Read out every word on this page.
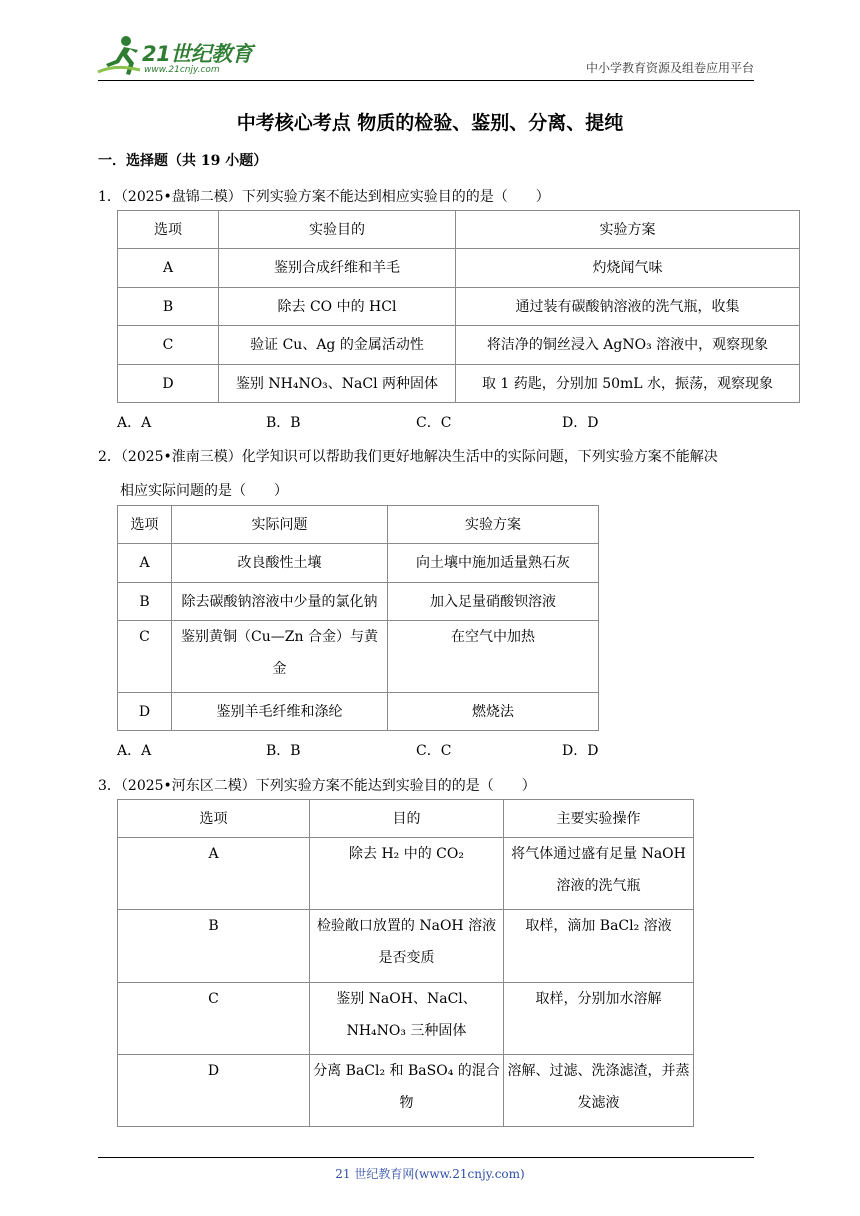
21世纪教育
www.21cnjy.com	中小学教育资源及组卷应用平台
中考核心考点 物质的检验、鉴别、分离、提纯
一．选择题（共 19 小题）
1．（2025•盘锦二模）下列实验方案不能达到相应实验目的的是（　　）
选项	实验目的	实验方案
A	鉴别合成纤维和羊毛	灼烧闻气味
B	除去 CO 中的 HCl	通过装有碳酸钠溶液的洗气瓶，收集
C	验证 Cu、Ag 的金属活动性	将洁净的铜丝浸入 AgNO₃ 溶液中，观察现象
D	鉴别 NH₄NO₃、NaCl 两种固体	取 1 药匙，分别加 50mL 水，振荡，观察现象
A．A	B．B	C．C	D．D
2．（2025•淮南三模）化学知识可以帮助我们更好地解决生活中的实际问题，下列实验方案不能解决
相应实际问题的是（　　）
选项	实际问题	实验方案
A	改良酸性土壤	向土壤中施加适量熟石灰
B	除去碳酸钠溶液中少量的氯化钠	加入足量硝酸钡溶液
C	鉴别黄铜（Cu—Zn 合金）与黄金	在空气中加热
D	鉴别羊毛纤维和涤纶	燃烧法
A．A	B．B	C．C	D．D
3．（2025•河东区二模）下列实验方案不能达到实验目的的是（　　）
选项	目的	主要实验操作
A	除去 H₂ 中的 CO₂	将气体通过盛有足量 NaOH 溶液的洗气瓶
B	检验敞口放置的 NaOH 溶液是否变质	取样，滴加 BaCl₂ 溶液
C	鉴别 NaOH、NaCl、NH₄NO₃ 三种固体	取样，分别加水溶解
D	分离 BaCl₂ 和 BaSO₄ 的混合物	溶解、过滤、洗涤滤渣，并蒸发滤液
21 世纪教育网(www.21cnjy.com)
